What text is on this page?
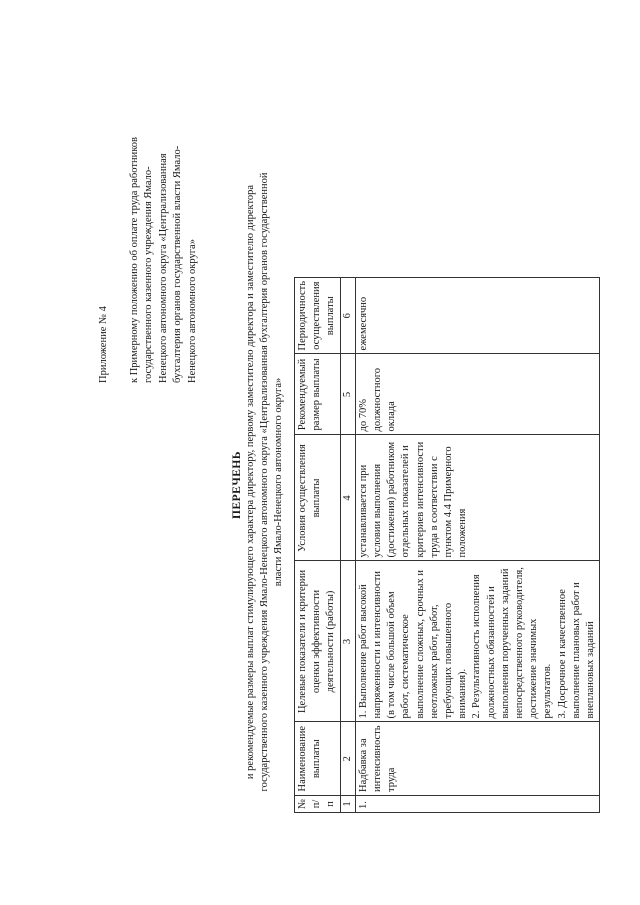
Приложение № 4 к Примерному положению об оплате труда работников государственного казенного учреждения Ямало-Ненецкого автономного округа «Централизованная бухгалтерия органов государственной власти Ямало-Ненецкого автономного округа»

ПЕРЕЧЕНЬ и рекомендуемые размеры выплат стимулирующего характера директору, первому заместителю директора и заместителю директора государственного казенного учреждения Ямало-Ненецкого автономного округа «Централизованная бухгалтерия органов государственной власти Ямало-Ненецкого автономного округа»

№ п/п	Наименование выплаты	Целевые показатели и критерии оценки эффективности деятельности (работы)	Условия осуществления выплаты	Рекомендуемый размер выплаты	Периодичность осуществления выплаты
1	2	3	4	5	6
1.	Надбавка за интенсивность труда	1. Выполнение работ высокой напряженности и интенсивности (в том числе большой объем работ, систематическое выполнение сложных, срочных и неотложных работ, работ, требующих повышенного внимания).
2. Результативность исполнения должностных обязанностей и выполнения порученных заданий непосредственного руководителя, достижение значимых результатов.
3. Досрочное и качественное выполнение плановых работ и внеплановых заданий	устанавливается при условии выполнения (достижения) работником отдельных показателей и критериев интенсивности труда в соответствии с пунктом 4.4 Примерного положения	до 70% должностного оклада	ежемесячно
